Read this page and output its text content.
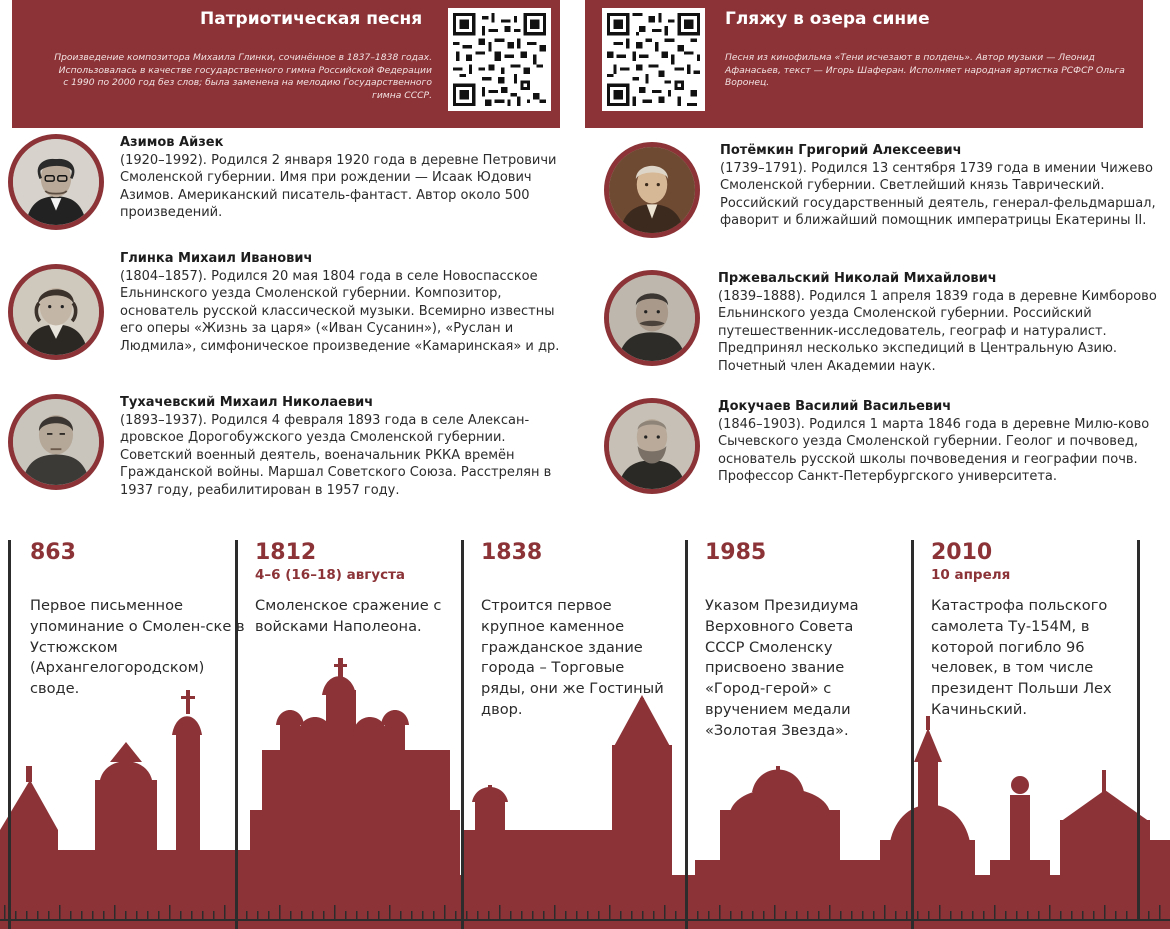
Патриотическая песня
Произведение композитора Михаила Глинки, сочинённое в 1837–1838 годах. Использовалась в качестве государственного гимна Российской Федерации с 1990 по 2000 год без слов; была заменена на мелодию Государственного гимна СССР.
Гляжу в озера синие
Песня из кинофильма «Тени исчезают в полдень». Автор музыки — Леонид Афанасьев, текст — Игорь Шаферан. Исполняет народная артистка РСФСР Ольга Воронец.
Азимов Айзек
(1920–1992). Родился 2 января 1920 года в деревне Петровичи Смоленской губернии. Имя при рождении — Исаак Юдович Азимов. Американский писатель-фантаст. Автор около 500 произведений.
Глинка Михаил Иванович
(1804–1857). Родился 20 мая 1804 года в селе Новоспасское Ельнинского уезда Смоленской губернии. Композитор, основатель русской классической музыки. Всемирно известны его оперы «Жизнь за царя» («Иван Сусанин»), «Руслан и Людмила», симфоническое произведение «Камаринская» и др.
Тухачевский Михаил Николаевич
(1893–1937). Родился 4 февраля 1893 года в селе Алексан-дровское Дорогобужского уезда Смоленской губернии. Советский военный деятель, военачальник РККА времён Гражданской войны. Маршал Советского Союза. Расстрелян в 1937 году, реабилитирован в 1957 году.
Потёмкин Григорий Алексеевич
(1739–1791). Родился 13 сентября 1739 года в имении Чижево Смоленской губернии. Светлейший князь Таврический. Российский государственный деятель, генерал-фельдмаршал, фаворит и ближайший помощник императрицы Екатерины II.
Пржевальский Николай Михайлович
(1839–1888). Родился 1 апреля 1839 года в деревне Кимборово Ельнинского уезда Смоленской губернии. Российский путешественник-исследователь, географ и натуралист. Предпринял несколько экспедиций в Центральную Азию. Почетный член Академии наук.
Докучаев Василий Васильевич
(1846–1903). Родился 1 марта 1846 года в деревне Милю-ково Сычевского уезда Смоленской губернии. Геолог и почвовед, основатель русской школы почвоведения и географии почв. Профессор Санкт-Петербургского университета.
863
Первое письменное упоминание о Смолен-ске в Устюжском (Архангелогородском) своде.
1812
4–6 (16–18) августа
Смоленское сражение с войсками Наполеона.
1838
Строится первое крупное каменное гражданское здание города – Торговые ряды, они же Гостиный двор.
1985
Указом Президиума Верховного Совета СССР Смоленску присвоено звание «Город-герой» с вручением медали «Золотая Звезда».
2010
10 апреля
Катастрофа польского самолета Ту-154М, в которой погибло 96 человек, в том числе президент Польши Лех Качиньский.
